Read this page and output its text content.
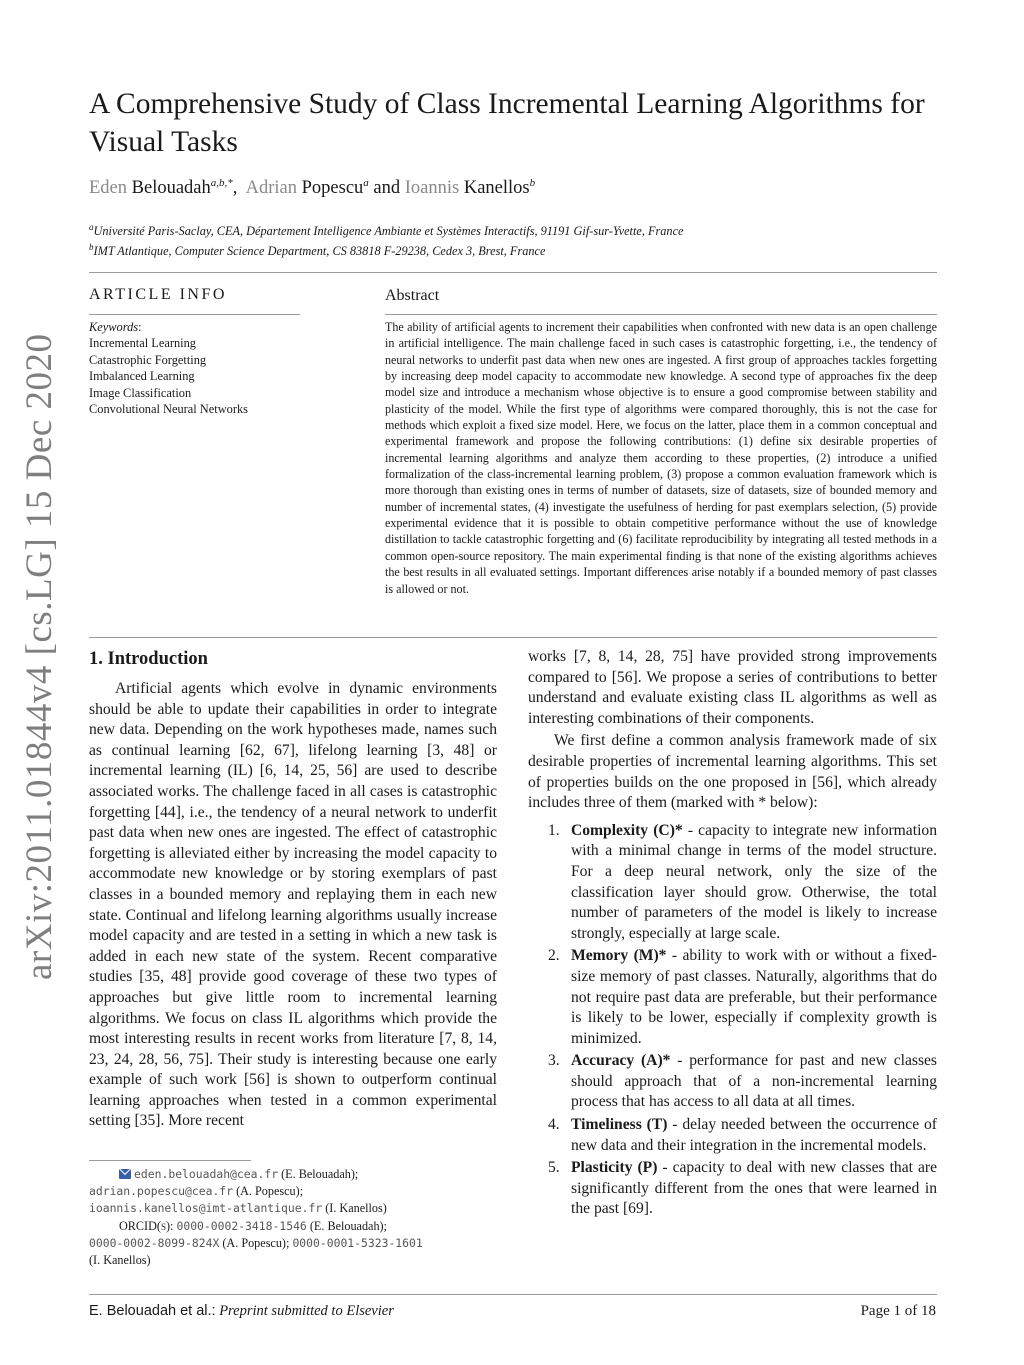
arXiv:2011.01844v4 [cs.LG] 15 Dec 2020
A Comprehensive Study of Class Incremental Learning Algorithms for Visual Tasks
Eden Belouadah$^{a,b,*}$,  Adrian Popescu$^a$ and Ioannis Kanellos$^b$
$^a$Université Paris-Saclay, CEA, Département Intelligence Ambiante et Systèmes Interactifs, 91191 Gif-sur-Yvette, France
$^b$IMT Atlantique, Computer Science Department, CS 83818 F-29238, Cedex 3, Brest, France
ARTICLE INFO
Keywords:
Incremental Learning
Catastrophic Forgetting
Imbalanced Learning
Image Classification
Convolutional Neural Networks
Abstract
The ability of artificial agents to increment their capabilities when confronted with new data is an open challenge in artificial intelligence. The main challenge faced in such cases is catastrophic forgetting, i.e., the tendency of neural networks to underfit past data when new ones are ingested. A first group of approaches tackles forgetting by increasing deep model capacity to accommodate new knowledge. A second type of approaches fix the deep model size and introduce a mechanism whose objective is to ensure a good compromise between stability and plasticity of the model. While the first type of algorithms were compared thoroughly, this is not the case for methods which exploit a fixed size model. Here, we focus on the latter, place them in a common conceptual and experimental framework and propose the following contributions: (1) define six desirable properties of incremental learning algorithms and analyze them according to these properties, (2) introduce a unified formalization of the class-incremental learning problem, (3) propose a common evaluation framework which is more thorough than existing ones in terms of number of datasets, size of datasets, size of bounded memory and number of incremental states, (4) investigate the usefulness of herding for past exemplars selection, (5) provide experimental evidence that it is possible to obtain competitive performance without the use of knowledge distillation to tackle catastrophic forgetting and (6) facilitate reproducibility by integrating all tested methods in a common open-source repository. The main experimental finding is that none of the existing algorithms achieves the best results in all evaluated settings. Important differences arise notably if a bounded memory of past classes is allowed or not.
1. Introduction

Artificial agents which evolve in dynamic environments should be able to update their capabilities in order to integrate new data. Depending on the work hypotheses made, names such as continual learning [62, 67], lifelong learning [3, 48] or incremental learning (IL) [6, 14, 25, 56] are used to describe associated works. The challenge faced in all cases is catastrophic forgetting [44], i.e., the tendency of a neural network to underfit past data when new ones are ingested. The effect of catastrophic forgetting is alleviated either by increasing the model capacity to accommodate new knowledge or by storing exemplars of past classes in a bounded memory and replaying them in each new state. Continual and lifelong learning algorithms usually increase model capacity and are tested in a setting in which a new task is added in each new state of the system. Recent comparative studies [35, 48] provide good coverage of these two types of approaches but give little room to incremental learning algorithms. We focus on class IL algorithms which provide the most interesting results in recent works from literature [7, 8, 14, 23, 24, 28, 56, 75]. Their study is interesting because one early example of such work [56] is shown to outperform continual learning approaches when tested in a common experimental setting [35]. More recent

eden.belouadah@cea.fr (E. Belouadah);
adrian.popescu@cea.fr (A. Popescu);
ioannis.kanellos@imt-atlantique.fr (I. Kanellos)
ORCID(s): 0000-0002-3418-1546 (E. Belouadah);
0000-0002-8099-824X (A. Popescu); 0000-0001-5323-1601
(I. Kanellos)

works [7, 8, 14, 28, 75] have provided strong improvements compared to [56]. We propose a series of contributions to better understand and evaluate existing class IL algorithms as well as interesting combinations of their components.

We first define a common analysis framework made of six desirable properties of incremental learning algorithms. This set of properties builds on the one proposed in [56], which already includes three of them (marked with * below):

1. Complexity (C)* - capacity to integrate new information with a minimal change in terms of the model structure. For a deep neural network, only the size of the classification layer should grow. Otherwise, the total number of parameters of the model is likely to increase strongly, especially at large scale.
2. Memory (M)* - ability to work with or without a fixed-size memory of past classes. Naturally, algorithms that do not require past data are preferable, but their performance is likely to be lower, especially if complexity growth is minimized.
3. Accuracy (A)* - performance for past and new classes should approach that of a non-incremental learning process that has access to all data at all times.
4. Timeliness (T) - delay needed between the occurrence of new data and their integration in the incremental models.
5. Plasticity (P) - capacity to deal with new classes that are significantly different from the ones that were learned in the past [69].
E. Belouadah et al.: Preprint submitted to Elsevier	Page 1 of 18
